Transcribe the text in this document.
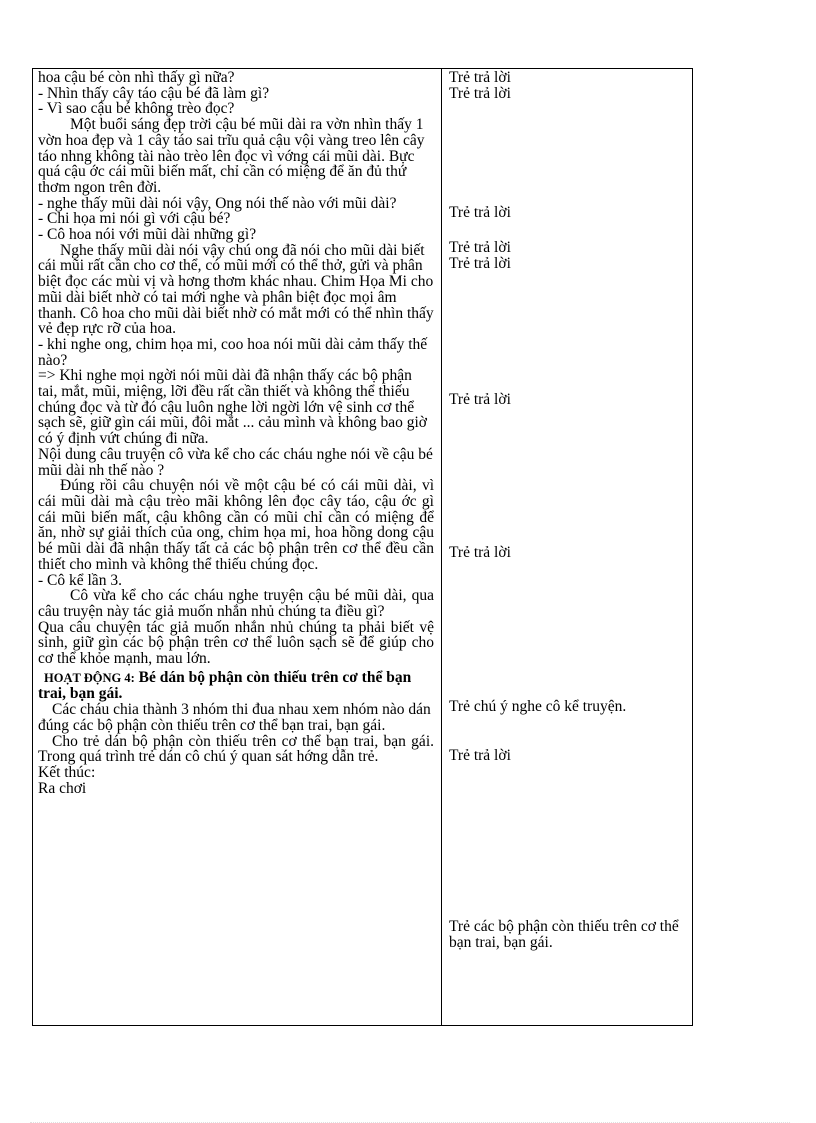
hoa cậu bé còn nhì thấy gì nữa?

- Nhìn thấy cây táo cậu bé đã làm gì?

- Vì sao cậu bé không trèo đọc?

Một buổi sáng đẹp trời cậu bé mũi dài ra vờn nhìn thấy 1 vờn hoa đẹp và 1 cây táo sai trĩu quả cậu vội vàng treo lên cây táo nhng không tài nào trèo lên đọc vì vớng cái mũi dài. Bực quá cậu ớc cái mũi biến mất, chỉ cần có miệng để ăn đủ thứ thơm ngon trên đời.

- nghe thấy mũi dài nói vậy, Ong nói thế nào với mũi dài?

- Chi họa mi nói gì với cậu bé?

- Cô hoa nói với mũi dài những gì?

Nghe thấy mũi dài nói vậy chú ong đã nói cho mũi dài biết cái mũi rất cần cho cơ thể, có mũi mới có thể thở, gửi và phân biệt đọc các mùi vị và hơng thơm khác nhau. Chim Họa Mi cho mũi dài biết nhờ có tai mới nghe và phân biệt đọc mọi âm thanh. Cô hoa cho mũi dài biết nhờ có mắt mới có thể nhìn thấy vẻ đẹp rực rỡ của hoa.

- khi nghe ong, chim họa mi, coo hoa nói mũi dài cảm thấy thế nào?

=> Khi nghe mọi ngời nói mũi dài đã nhận thấy các bộ phận tai, mắt, mũi, miệng, lỡi đều rất cần thiết và không thể thiếu chúng đọc và từ đó cậu luôn nghe lời ngời lớn vệ sinh cơ thể sạch sẽ, giữ gìn cái mũi, đôi mắt ... cảu mình và không bao giờ có ý định vứt chúng đi nữa.

Nội dung câu truyện cô vừa kể cho các cháu nghe nói về cậu bé mũi dài nh thế nào ?

Đúng rồi câu chuyện nói về một cậu bé có cái mũi dài, vì cái mũi dài mà cậu trèo mãi không lên đọc cây táo, cậu ớc gì cái mũi biến mất, cậu không cần có mũi chỉ cần có miệng để ăn, nhờ sự giải thích của ong, chim họa mi, hoa hồng dong cậu bé mũi dài đã nhận thấy tất cả các bộ phận trên cơ thể đều cần thiết cho mình và không thể thiếu chúng đọc.

- Cô kể lần 3.

Cô vừa kể cho các cháu nghe truyện cậu bé mũi dài, qua câu truyện này tác giả muốn nhắn nhủ chúng ta điều gì?

Qua câu chuyện tác giả muốn nhắn nhủ chúng ta phải biết vệ sinh, giữ gìn các bộ phận trên cơ thể luôn sạch sẽ để giúp cho cơ thể khỏe mạnh, mau lớn.

HOẠT ĐỘNG 4: Bé dán bộ phận còn thiếu trên cơ thể bạn trai, bạn gái.

Các cháu chia thành 3 nhóm thi đua nhau xem nhóm nào dán đúng các bộ phận còn thiếu trên cơ thể bạn trai, bạn gái.

Cho trẻ dán bộ phận còn thiếu trên cơ thể bạn trai, bạn gái. Trong quá trình trẻ dán cô chú ý quan sát hớng dẫn trẻ.

Kết thúc:

Ra chơi

Trẻ trả lời
Trẻ trả lời
Trẻ trả lời
Trẻ trả lời
Trẻ trả lời
Trẻ trả lời
Trẻ trả lời
Trẻ chú ý nghe cô kể truyện.
Trẻ trả lời
Trẻ các bộ phận còn thiếu trên cơ thể bạn trai, bạn gái.
